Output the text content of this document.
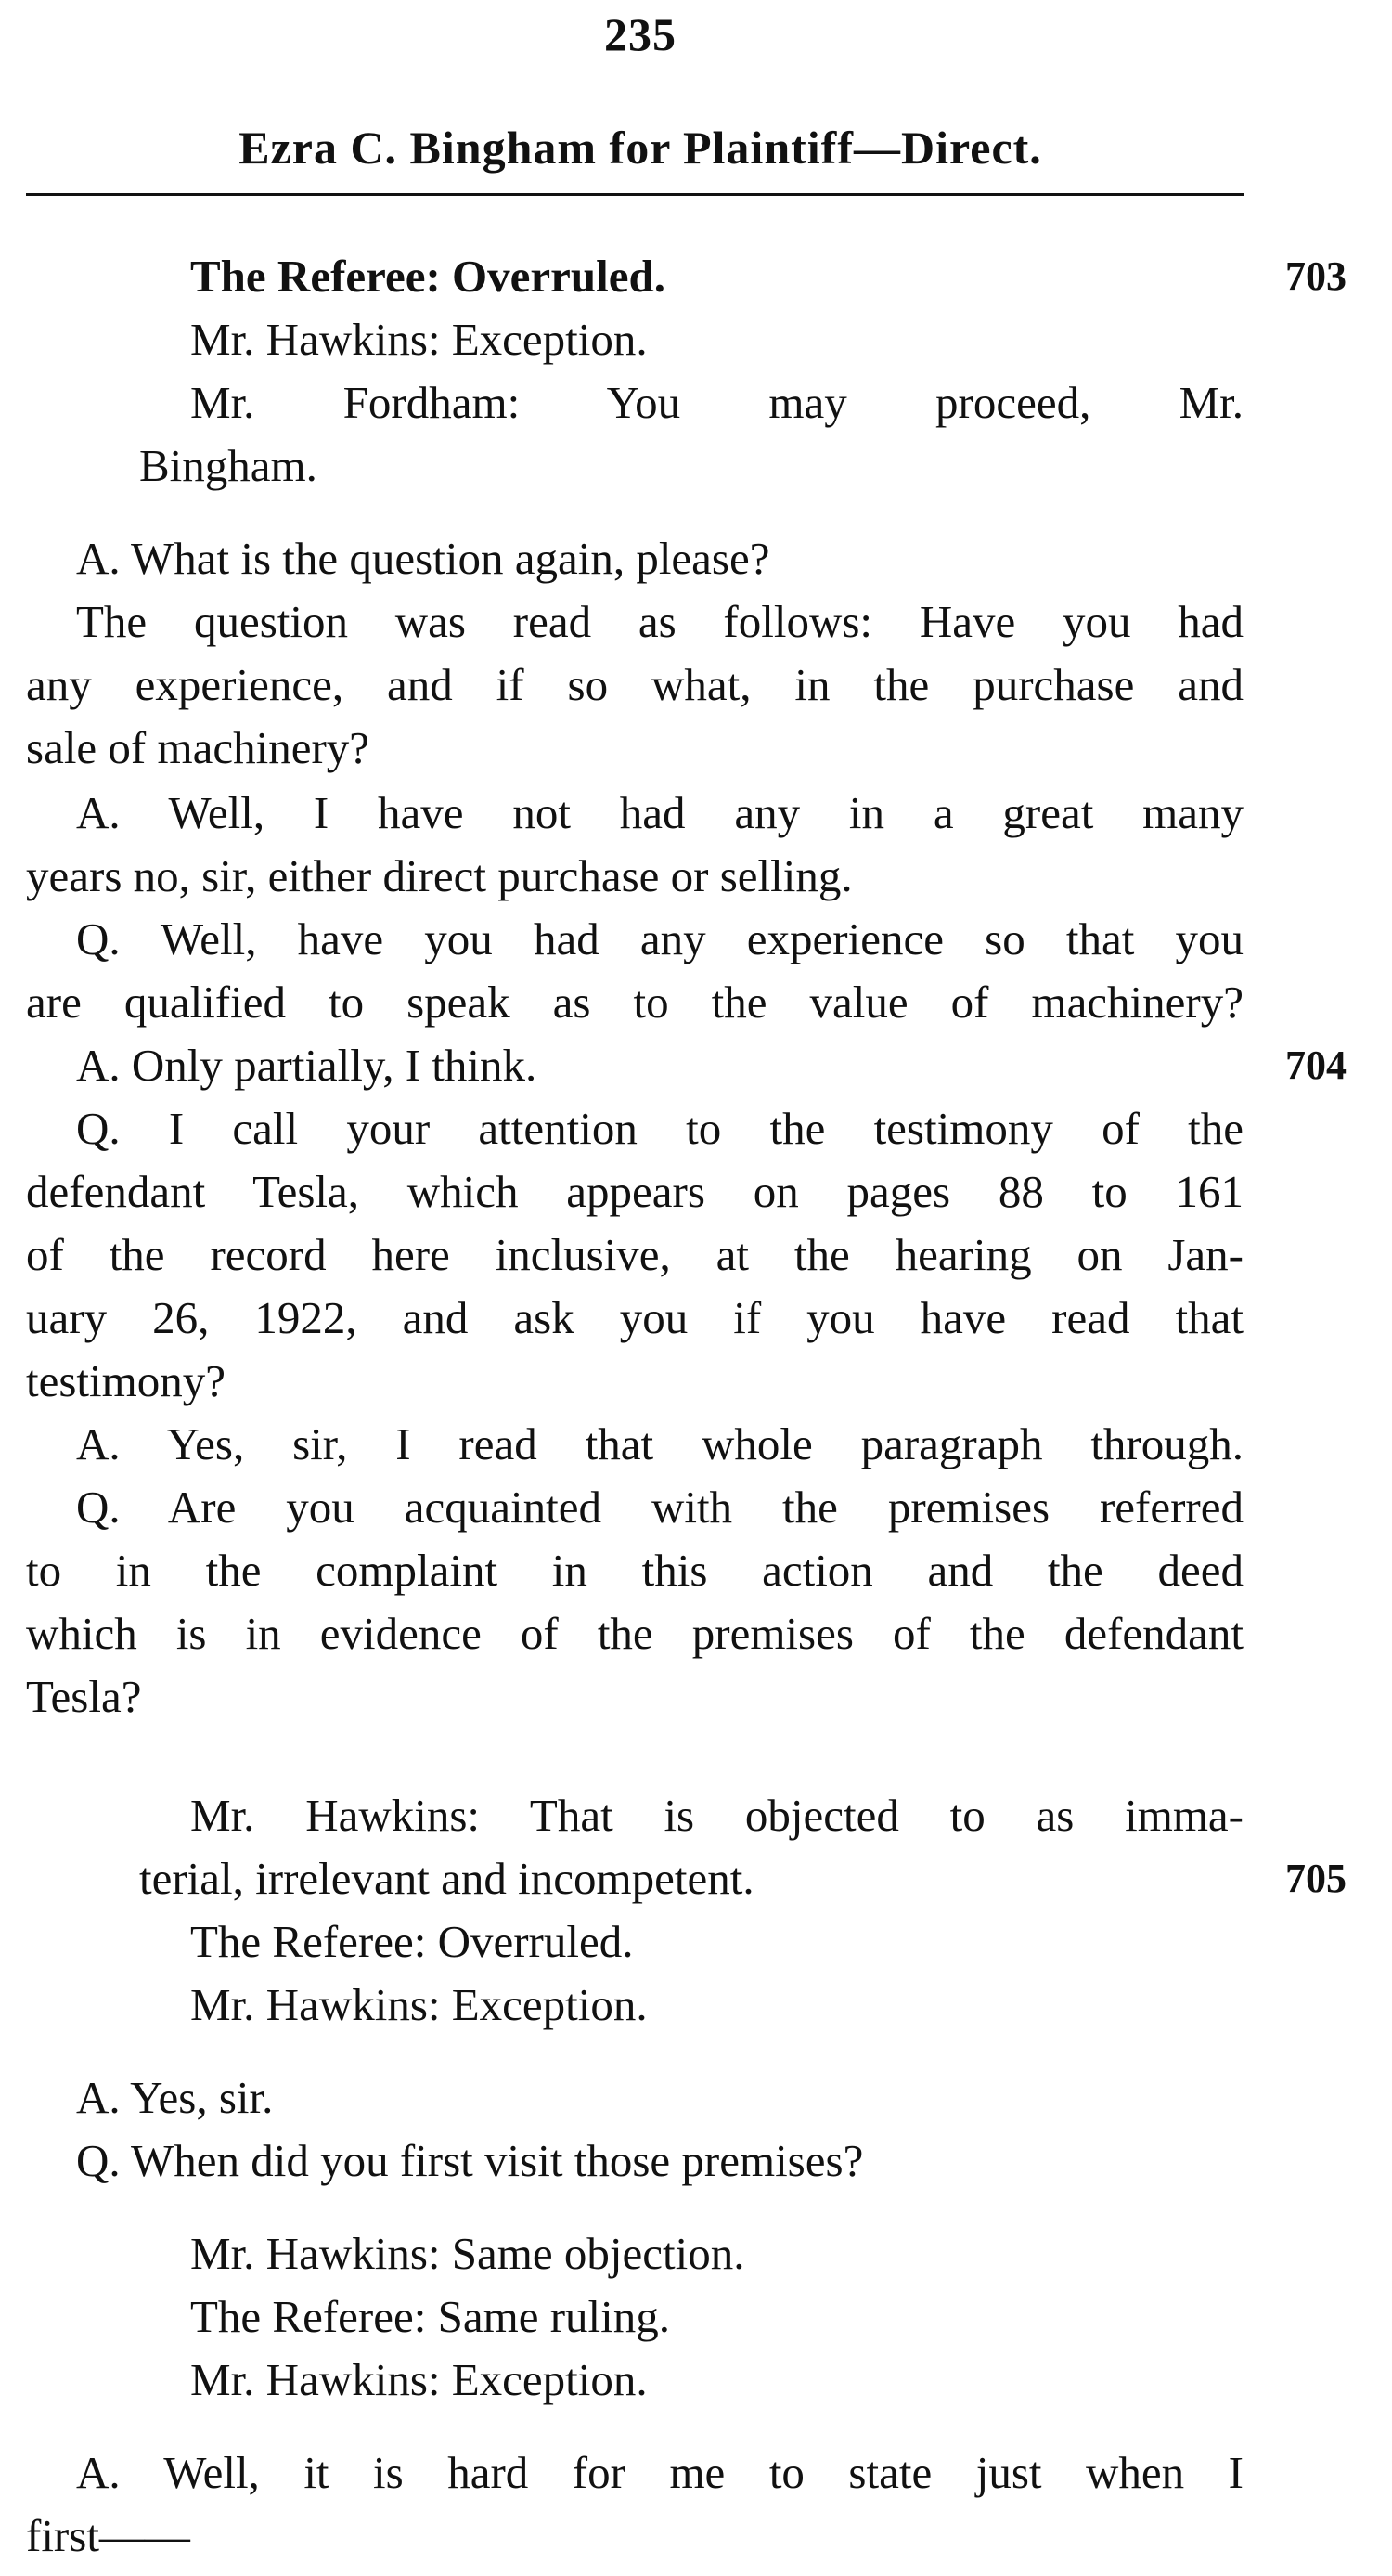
235
Ezra C. Bingham for Plaintiff—Direct.
The Referee: Overruled.	703
Mr. Hawkins: Exception.
Mr. Fordham: You may proceed, Mr.
Bingham.
A. What is the question again, please?
The question was read as follows: Have you had
any experience, and if so what, in the purchase and
sale of machinery?
A. Well, I have not had any in a great many
years no, sir, either direct purchase or selling.
Q. Well, have you had any experience so that you
are qualified to speak as to the value of machinery?
A. Only partially, I think.	704
Q. I call your attention to the testimony of the
defendant Tesla, which appears on pages 88 to 161
of the record here inclusive, at the hearing on Jan-
uary 26, 1922, and ask you if you have read that
testimony?
A. Yes, sir, I read that whole paragraph through.
Q. Are you acquainted with the premises referred
to in the complaint in this action and the deed
which is in evidence of the premises of the defendant
Tesla?
Mr. Hawkins: That is objected to as imma-
terial, irrelevant and incompetent.	705
The Referee: Overruled.
Mr. Hawkins: Exception.
A. Yes, sir.
Q. When did you first visit those premises?
Mr. Hawkins: Same objection.
The Referee: Same ruling.
Mr. Hawkins: Exception.
A. Well, it is hard for me to state just when I
first——
